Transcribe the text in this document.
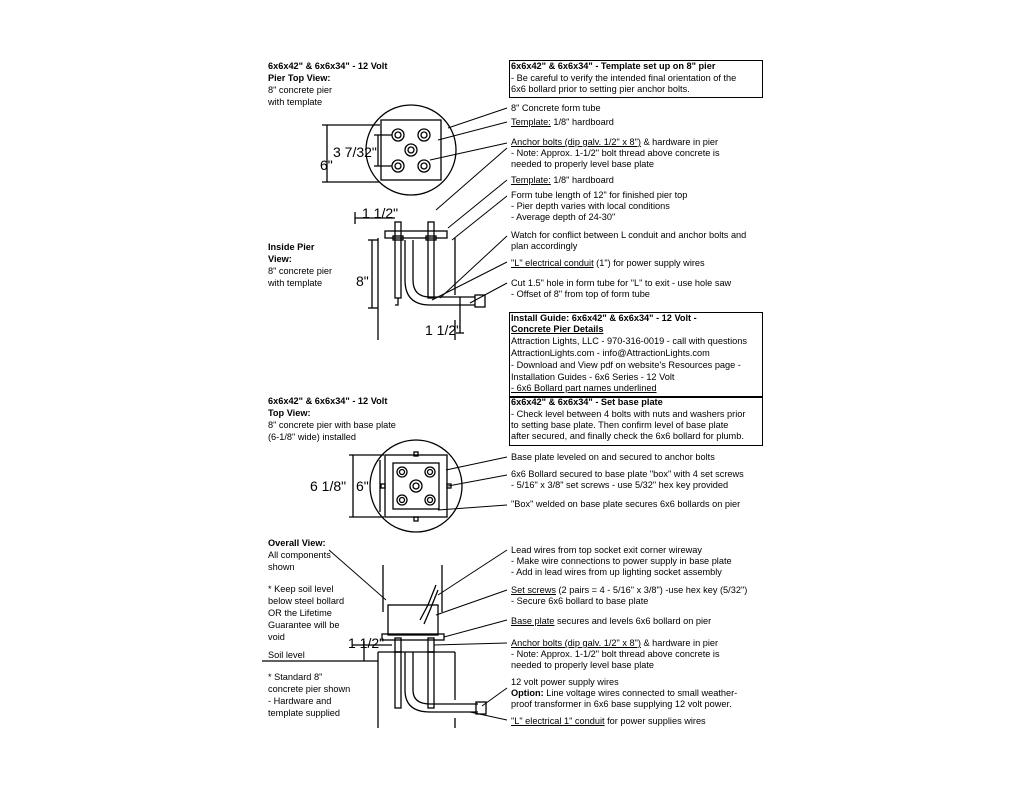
6x6x42" & 6x6x34" - 12 Volt
Pier Top View:
8" concrete pier
with template
Inside Pier
View:
8" concrete pier
with template
6x6x42" & 6x6x34" - 12 Volt
Top View:
8" concrete pier with base plate
(6-1/8" wide) installed
Overall View:
All components
shown
* Keep soil level
below steel bollard
OR the Lifetime
Guarantee will be
void
Soil level
* Standard 8"
concrete pier shown
- Hardware and
template supplied
3 7/32"
6"
1 1/2"
8"
1 1/2"
6 1/8" 6"
1 1/2"
6x6x42" & 6x6x34" - Template set up on 8" pier
- Be careful to verify the intended final orientation of the
6x6 bollard prior to setting pier anchor bolts.
Install Guide: 6x6x42" & 6x6x34" - 12 Volt -
Concrete Pier Details
Attraction Lights, LLC - 970-316-0019 - call with questions
AttractionLights.com - info@AttractionLights.com
- Download and View pdf on website's Resources page -
Installation Guides - 6x6 Series - 12 Volt
- 6x6 Bollard part names underlined
6x6x42" & 6x6x34" - Set base plate
- Check level between 4 bolts with nuts and washers prior
to setting base plate. Then confirm level of base plate
after secured, and finally check the 6x6 bollard for plumb.
8" Concrete form tube
Template: 1/8" hardboard
Anchor bolts (dip galv. 1/2" x 8") & hardware in pier
- Note: Approx. 1-1/2" bolt thread above concrete is
needed to properly level base plate
Template: 1/8" hardboard
Form tube length of 12" for finished pier top
- Pier depth varies with local conditions
- Average depth of 24-30"
Watch for conflict between L conduit and anchor bolts and
plan accordingly
"L" electrical conduit (1") for power supply wires
Cut 1.5" hole in form tube for "L" to exit - use hole saw
- Offset of 8" from top of form tube
Base plate leveled on and secured to anchor bolts
6x6 Bollard secured to base plate "box" with 4 set screws
- 5/16" x 3/8" set screws - use 5/32" hex key provided
"Box" welded on base plate secures 6x6 bollards on pier
Lead wires from top socket exit corner wireway
- Make wire connections to power supply in base plate
- Add in lead wires from up lighting socket assembly
Set screws (2 pairs = 4 - 5/16" x 3/8") -use hex key (5/32")
- Secure 6x6 bollard to base plate
Base plate secures and levels 6x6 bollard on pier
Anchor bolts (dip galv. 1/2" x 8") & hardware in pier
- Note: Approx. 1-1/2" bolt thread above concrete is
needed to properly level base plate
12 volt power supply wires
Option: Line voltage wires connected to small weather-
proof transformer in 6x6 base supplying 12 volt power.
"L" electrical 1" conduit for power supplies wires
